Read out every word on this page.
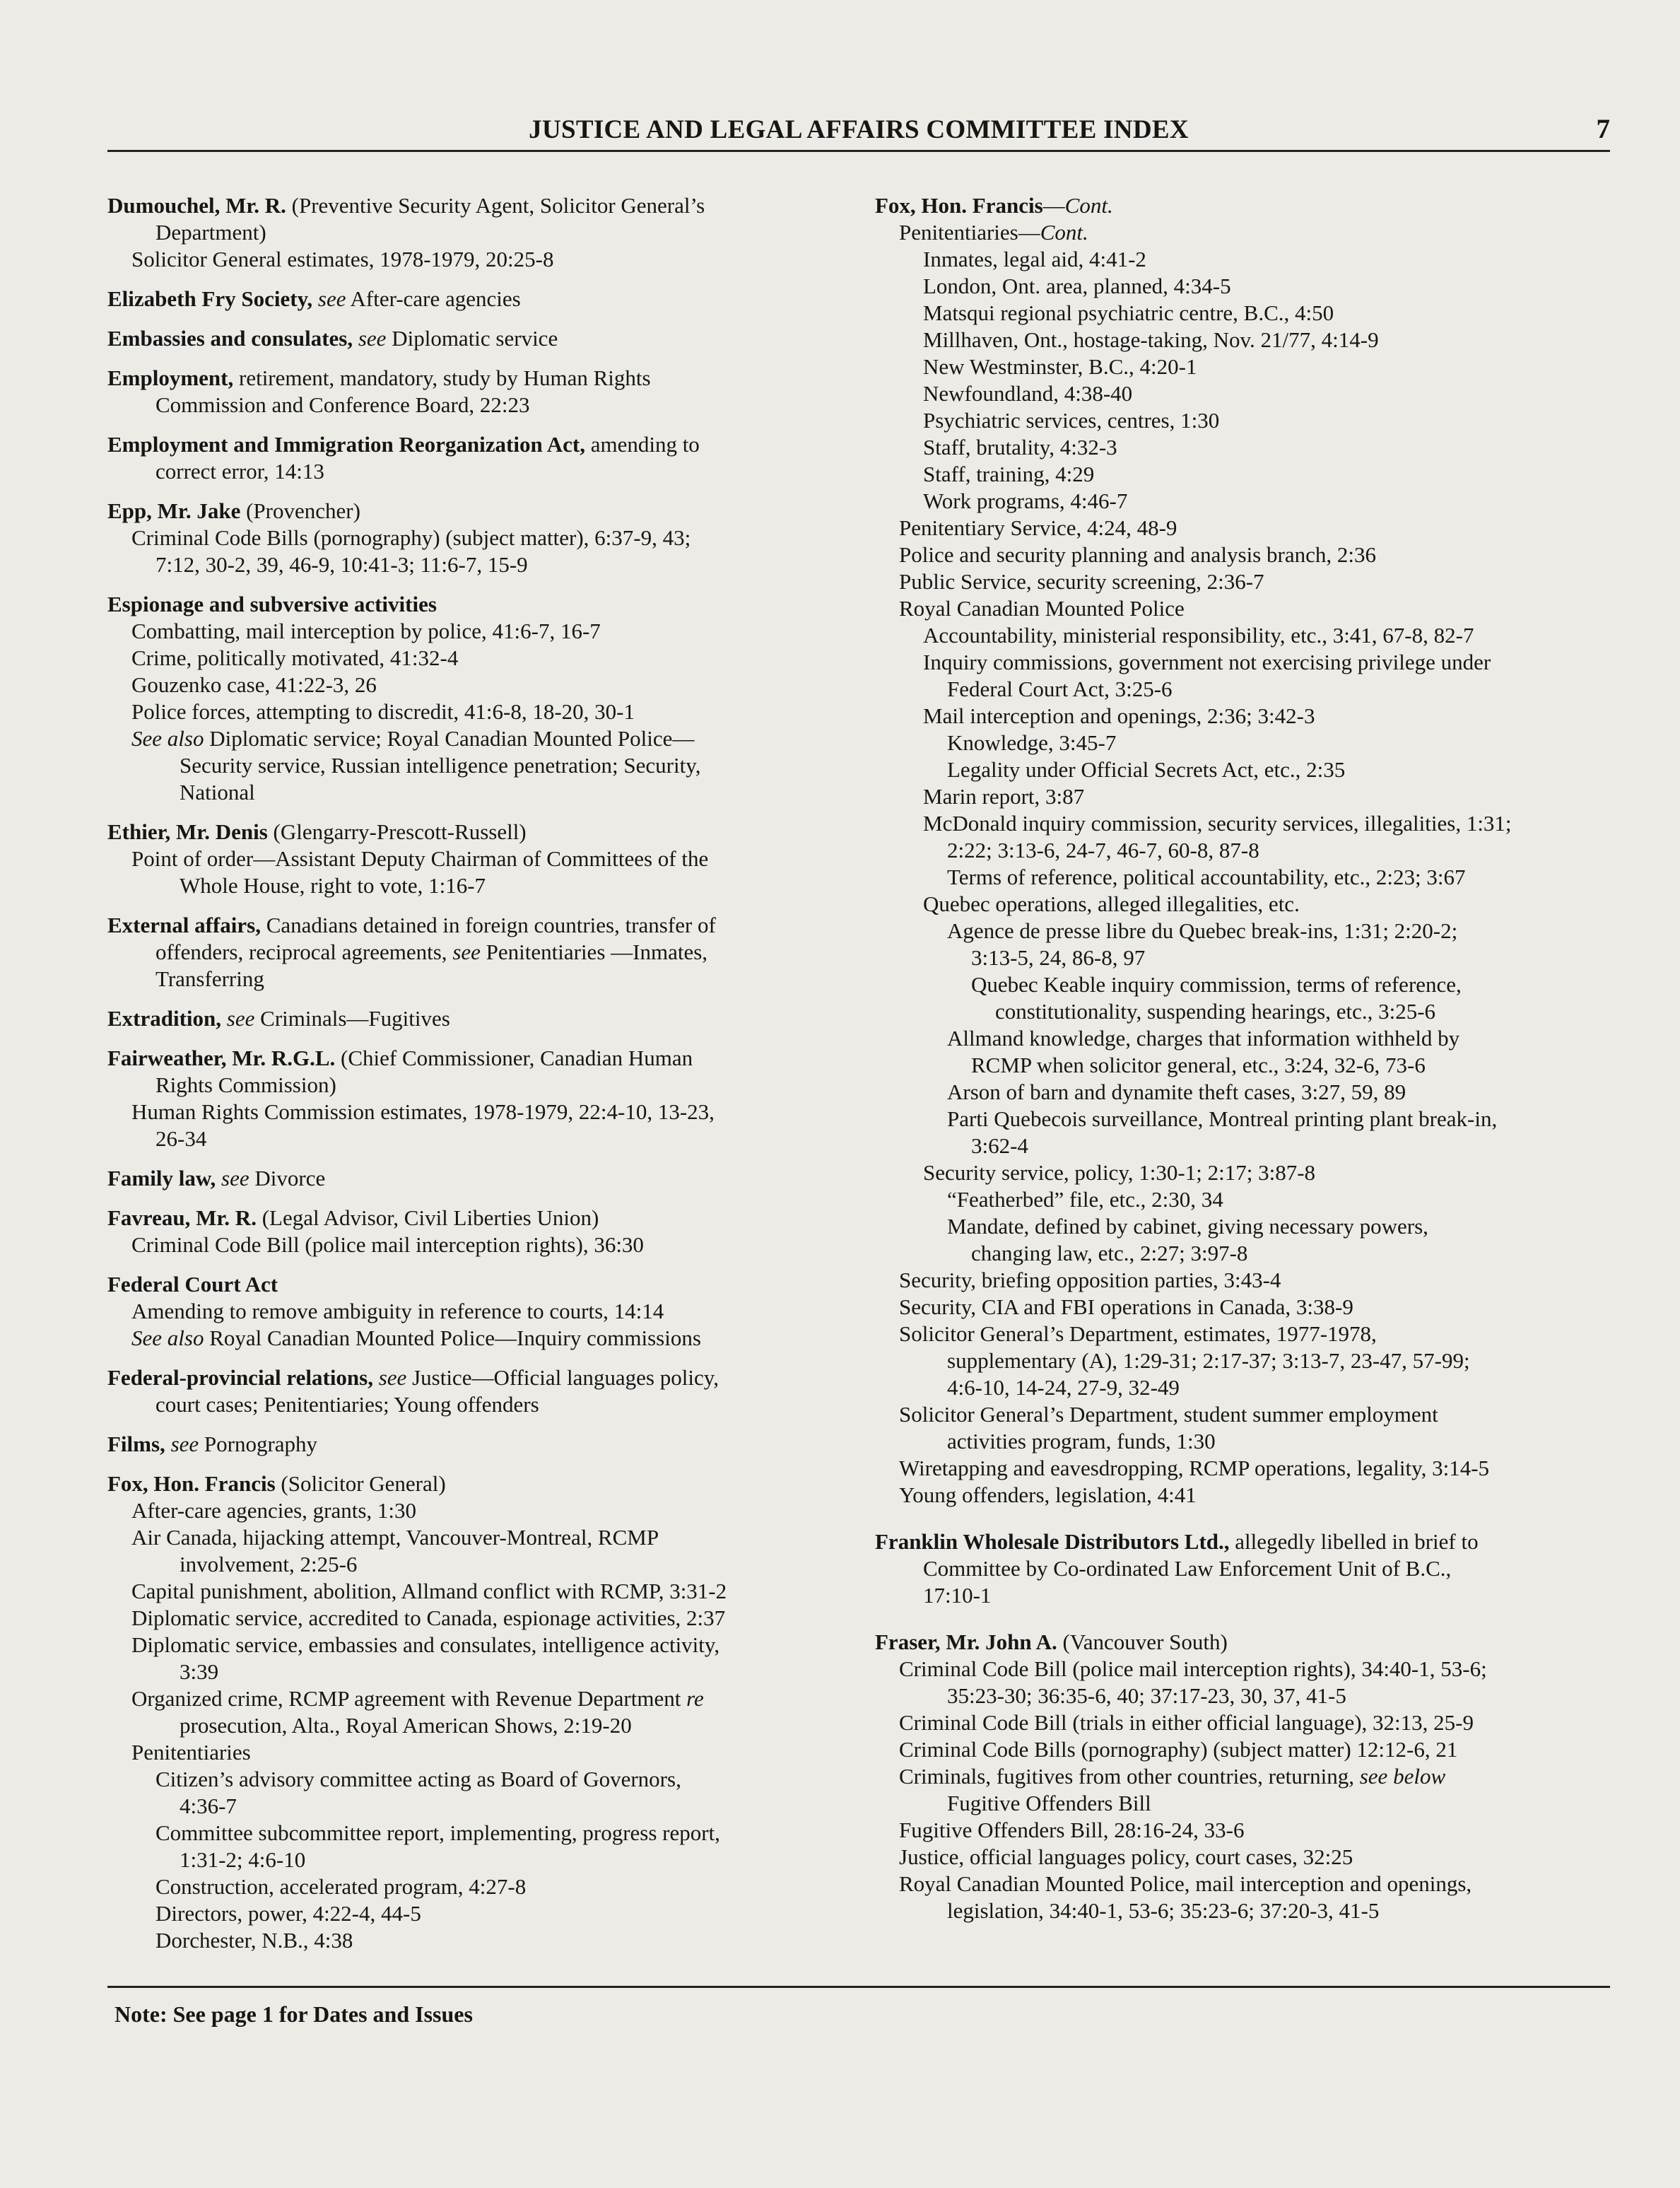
JUSTICE AND LEGAL AFFAIRS COMMITTEE INDEX	7
Dumouchel, Mr. R. (Preventive Security Agent, Solicitor General’s
Department)
Solicitor General estimates, 1978-1979, 20:25-8
Elizabeth Fry Society, see After-care agencies
Embassies and consulates, see Diplomatic service
Employment, retirement, mandatory, study by Human Rights
Commission and Conference Board, 22:23
Employment and Immigration Reorganization Act, amending to
correct error, 14:13
Epp, Mr. Jake (Provencher)
Criminal Code Bills (pornography) (subject matter), 6:37-9, 43;
7:12, 30-2, 39, 46-9, 10:41-3; 11:6-7, 15-9
Espionage and subversive activities
Combatting, mail interception by police, 41:6-7, 16-7
Crime, politically motivated, 41:32-4
Gouzenko case, 41:22-3, 26
Police forces, attempting to discredit, 41:6-8, 18-20, 30-1
See also Diplomatic service; Royal Canadian Mounted Police—
Security service, Russian intelligence penetration; Security,
National
Ethier, Mr. Denis (Glengarry-Prescott-Russell)
Point of order—Assistant Deputy Chairman of Committees of the
Whole House, right to vote, 1:16-7
External affairs, Canadians detained in foreign countries, transfer of
offenders, reciprocal agreements, see Penitentiaries —Inmates,
Transferring
Extradition, see Criminals—Fugitives
Fairweather, Mr. R.G.L. (Chief Commissioner, Canadian Human
Rights Commission)
Human Rights Commission estimates, 1978-1979, 22:4-10, 13-23,
26-34
Family law, see Divorce
Favreau, Mr. R. (Legal Advisor, Civil Liberties Union)
Criminal Code Bill (police mail interception rights), 36:30
Federal Court Act
Amending to remove ambiguity in reference to courts, 14:14
See also Royal Canadian Mounted Police—Inquiry commissions
Federal-provincial relations, see Justice—Official languages policy,
court cases; Penitentiaries; Young offenders
Films, see Pornography
Fox, Hon. Francis (Solicitor General)
After-care agencies, grants, 1:30
Air Canada, hijacking attempt, Vancouver-Montreal, RCMP
involvement, 2:25-6
Capital punishment, abolition, Allmand conflict with RCMP, 3:31-2
Diplomatic service, accredited to Canada, espionage activities, 2:37
Diplomatic service, embassies and consulates, intelligence activity,
3:39
Organized crime, RCMP agreement with Revenue Department re
prosecution, Alta., Royal American Shows, 2:19-20
Penitentiaries
Citizen’s advisory committee acting as Board of Governors,
4:36-7
Committee subcommittee report, implementing, progress report,
1:31-2; 4:6-10
Construction, accelerated program, 4:27-8
Directors, power, 4:22-4, 44-5
Dorchester, N.B., 4:38
Fox, Hon. Francis—Cont.
Penitentiaries—Cont.
Inmates, legal aid, 4:41-2
London, Ont. area, planned, 4:34-5
Matsqui regional psychiatric centre, B.C., 4:50
Millhaven, Ont., hostage-taking, Nov. 21/77, 4:14-9
New Westminster, B.C., 4:20-1
Newfoundland, 4:38-40
Psychiatric services, centres, 1:30
Staff, brutality, 4:32-3
Staff, training, 4:29
Work programs, 4:46-7
Penitentiary Service, 4:24, 48-9
Police and security planning and analysis branch, 2:36
Public Service, security screening, 2:36-7
Royal Canadian Mounted Police
Accountability, ministerial responsibility, etc., 3:41, 67-8, 82-7
Inquiry commissions, government not exercising privilege under
Federal Court Act, 3:25-6
Mail interception and openings, 2:36; 3:42-3
Knowledge, 3:45-7
Legality under Official Secrets Act, etc., 2:35
Marin report, 3:87
McDonald inquiry commission, security services, illegalities, 1:31;
2:22; 3:13-6, 24-7, 46-7, 60-8, 87-8
Terms of reference, political accountability, etc., 2:23; 3:67
Quebec operations, alleged illegalities, etc.
Agence de presse libre du Quebec break-ins, 1:31; 2:20-2;
3:13-5, 24, 86-8, 97
Quebec Keable inquiry commission, terms of reference,
constitutionality, suspending hearings, etc., 3:25-6
Allmand knowledge, charges that information withheld by
RCMP when solicitor general, etc., 3:24, 32-6, 73-6
Arson of barn and dynamite theft cases, 3:27, 59, 89
Parti Quebecois surveillance, Montreal printing plant break-in,
3:62-4
Security service, policy, 1:30-1; 2:17; 3:87-8
“Featherbed” file, etc., 2:30, 34
Mandate, defined by cabinet, giving necessary powers,
changing law, etc., 2:27; 3:97-8
Security, briefing opposition parties, 3:43-4
Security, CIA and FBI operations in Canada, 3:38-9
Solicitor General’s Department, estimates, 1977-1978,
supplementary (A), 1:29-31; 2:17-37; 3:13-7, 23-47, 57-99;
4:6-10, 14-24, 27-9, 32-49
Solicitor General’s Department, student summer employment
activities program, funds, 1:30
Wiretapping and eavesdropping, RCMP operations, legality, 3:14-5
Young offenders, legislation, 4:41
Franklin Wholesale Distributors Ltd., allegedly libelled in brief to
Committee by Co-ordinated Law Enforcement Unit of B.C.,
17:10-1
Fraser, Mr. John A. (Vancouver South)
Criminal Code Bill (police mail interception rights), 34:40-1, 53-6;
35:23-30; 36:35-6, 40; 37:17-23, 30, 37, 41-5
Criminal Code Bill (trials in either official language), 32:13, 25-9
Criminal Code Bills (pornography) (subject matter) 12:12-6, 21
Criminals, fugitives from other countries, returning, see below
Fugitive Offenders Bill
Fugitive Offenders Bill, 28:16-24, 33-6
Justice, official languages policy, court cases, 32:25
Royal Canadian Mounted Police, mail interception and openings,
legislation, 34:40-1, 53-6; 35:23-6; 37:20-3, 41-5
Note: See page 1 for Dates and Issues
